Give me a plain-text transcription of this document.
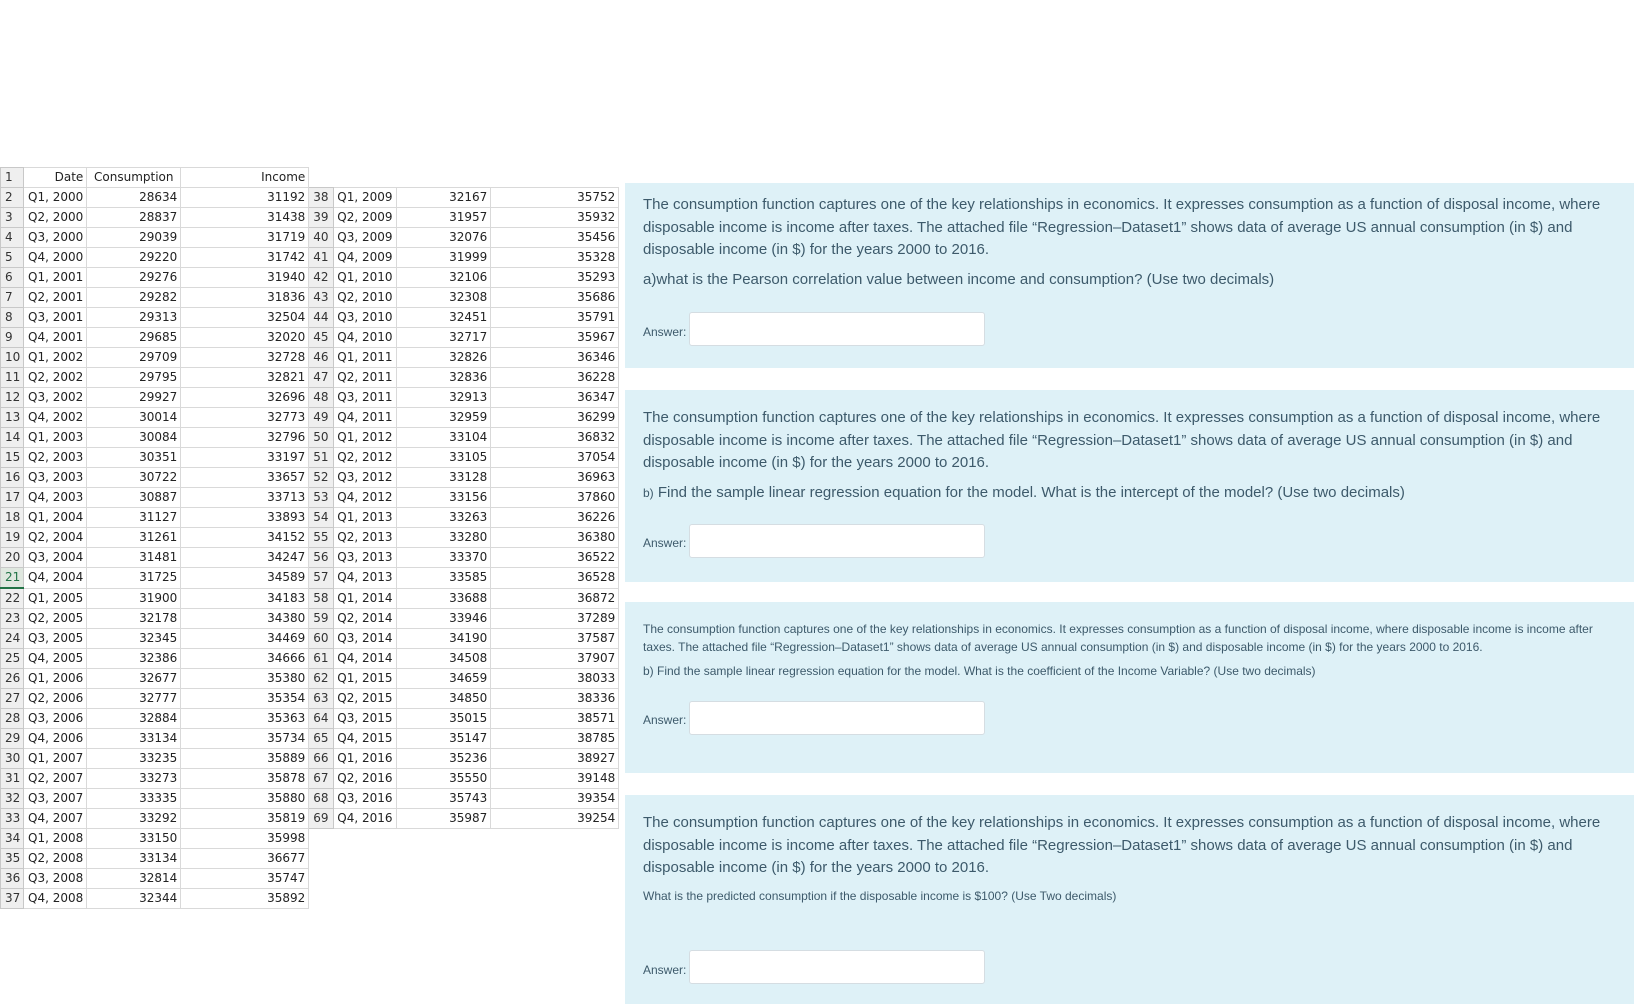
1	Date	Consumption	Income				
2	Q1, 2000	28634	31192	38	Q1, 2009	32167	35752
3	Q2, 2000	28837	31438	39	Q2, 2009	31957	35932
4	Q3, 2000	29039	31719	40	Q3, 2009	32076	35456
5	Q4, 2000	29220	31742	41	Q4, 2009	31999	35328
6	Q1, 2001	29276	31940	42	Q1, 2010	32106	35293
7	Q2, 2001	29282	31836	43	Q2, 2010	32308	35686
8	Q3, 2001	29313	32504	44	Q3, 2010	32451	35791
9	Q4, 2001	29685	32020	45	Q4, 2010	32717	35967
10	Q1, 2002	29709	32728	46	Q1, 2011	32826	36346
11	Q2, 2002	29795	32821	47	Q2, 2011	32836	36228
12	Q3, 2002	29927	32696	48	Q3, 2011	32913	36347
13	Q4, 2002	30014	32773	49	Q4, 2011	32959	36299
14	Q1, 2003	30084	32796	50	Q1, 2012	33104	36832
15	Q2, 2003	30351	33197	51	Q2, 2012	33105	37054
16	Q3, 2003	30722	33657	52	Q3, 2012	33128	36963
17	Q4, 2003	30887	33713	53	Q4, 2012	33156	37860
18	Q1, 2004	31127	33893	54	Q1, 2013	33263	36226
19	Q2, 2004	31261	34152	55	Q2, 2013	33280	36380
20	Q3, 2004	31481	34247	56	Q3, 2013	33370	36522
21	Q4, 2004	31725	34589	57	Q4, 2013	33585	36528
22	Q1, 2005	31900	34183	58	Q1, 2014	33688	36872
23	Q2, 2005	32178	34380	59	Q2, 2014	33946	37289
24	Q3, 2005	32345	34469	60	Q3, 2014	34190	37587
25	Q4, 2005	32386	34666	61	Q4, 2014	34508	37907
26	Q1, 2006	32677	35380	62	Q1, 2015	34659	38033
27	Q2, 2006	32777	35354	63	Q2, 2015	34850	38336
28	Q3, 2006	32884	35363	64	Q3, 2015	35015	38571
29	Q4, 2006	33134	35734	65	Q4, 2015	35147	38785
30	Q1, 2007	33235	35889	66	Q1, 2016	35236	38927
31	Q2, 2007	33273	35878	67	Q2, 2016	35550	39148
32	Q3, 2007	33335	35880	68	Q3, 2016	35743	39354
33	Q4, 2007	33292	35819	69	Q4, 2016	35987	39254
34	Q1, 2008	33150	35998				
35	Q2, 2008	33134	36677				
36	Q3, 2008	32814	35747				
37	Q4, 2008	32344	35892				
The consumption function captures one of the key relationships in economics. It expresses consumption as a function of disposal income, where disposable income is income after taxes. The attached file “Regression–Dataset1” shows data of average US annual consumption (in $) and disposable income (in $) for the years 2000 to 2016.
a)what is the Pearson correlation value between income and consumption? (Use two decimals)
Answer:
The consumption function captures one of the key relationships in economics. It expresses consumption as a function of disposal income, where disposable income is income after taxes. The attached file “Regression–Dataset1” shows data of average US annual consumption (in $) and disposable income (in $) for the years 2000 to 2016.
b) Find the sample linear regression equation for the model. What is the intercept of the model? (Use two decimals)
Answer:
The consumption function captures one of the key relationships in economics. It expresses consumption as a function of disposal income, where disposable income is income after taxes. The attached file “Regression–Dataset1” shows data of average US annual consumption (in $) and disposable income (in $) for the years 2000 to 2016.
b) Find the sample linear regression equation for the model. What is the coefficient of the Income Variable? (Use two decimals)
Answer:
The consumption function captures one of the key relationships in economics. It expresses consumption as a function of disposal income, where disposable income is income after taxes. The attached file “Regression–Dataset1” shows data of average US annual consumption (in $) and disposable income (in $) for the years 2000 to 2016.
What is the predicted consumption if the disposable income is $100? (Use Two decimals)
Answer:
